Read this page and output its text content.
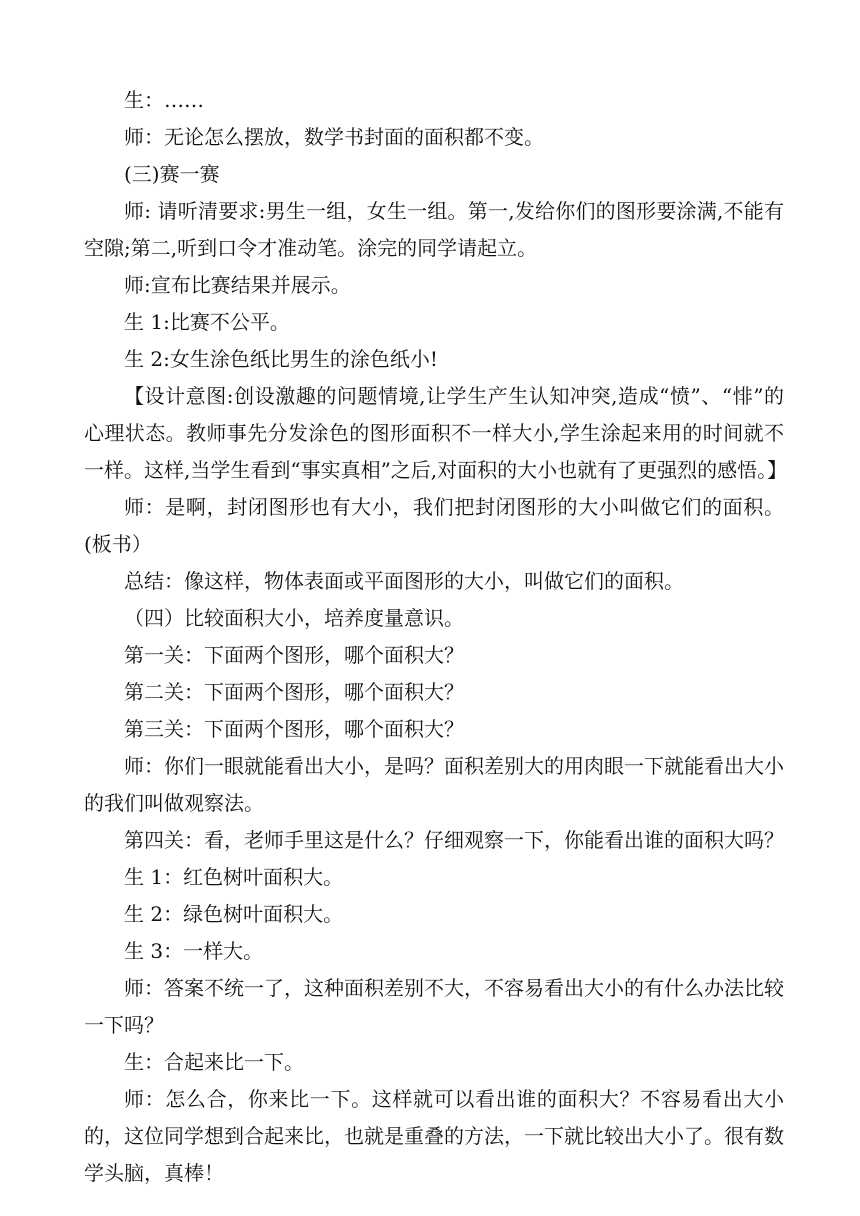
生：……

师：无论怎么摆放，数学书封面的面积都不变。

(三)赛一赛

师: 请听清要求:男生一组，女生一组。第一,发给你们的图形要涂满,不能有空隙;第二,听到口令才准动笔。涂完的同学请起立。

师:宣布比赛结果并展示。

生 1:比赛不公平。

生 2:女生涂色纸比男生的涂色纸小!

【设计意图:创设激趣的问题情境,让学生产生认知冲突,造成“愤”、“悱”的心理状态。教师事先分发涂色的图形面积不一样大小,学生涂起来用的时间就不一样。这样,当学生看到“事实真相”之后,对面积的大小也就有了更强烈的感悟。】

师：是啊，封闭图形也有大小，我们把封闭图形的大小叫做它们的面积。(板书）

总结：像这样，物体表面或平面图形的大小，叫做它们的面积。

（四）比较面积大小，培养度量意识。

第一关：下面两个图形，哪个面积大？

第二关：下面两个图形，哪个面积大？

第三关：下面两个图形，哪个面积大？

师：你们一眼就能看出大小，是吗？面积差别大的用肉眼一下就能看出大小的我们叫做观察法。

第四关：看，老师手里这是什么？仔细观察一下，你能看出谁的面积大吗？

生 1：红色树叶面积大。

生 2：绿色树叶面积大。

生 3：一样大。

师：答案不统一了，这种面积差别不大，不容易看出大小的有什么办法比较一下吗？

生：合起来比一下。

师：怎么合，你来比一下。这样就可以看出谁的面积大？不容易看出大小的，这位同学想到合起来比，也就是重叠的方法，一下就比较出大小了。很有数学头脑，真棒！
